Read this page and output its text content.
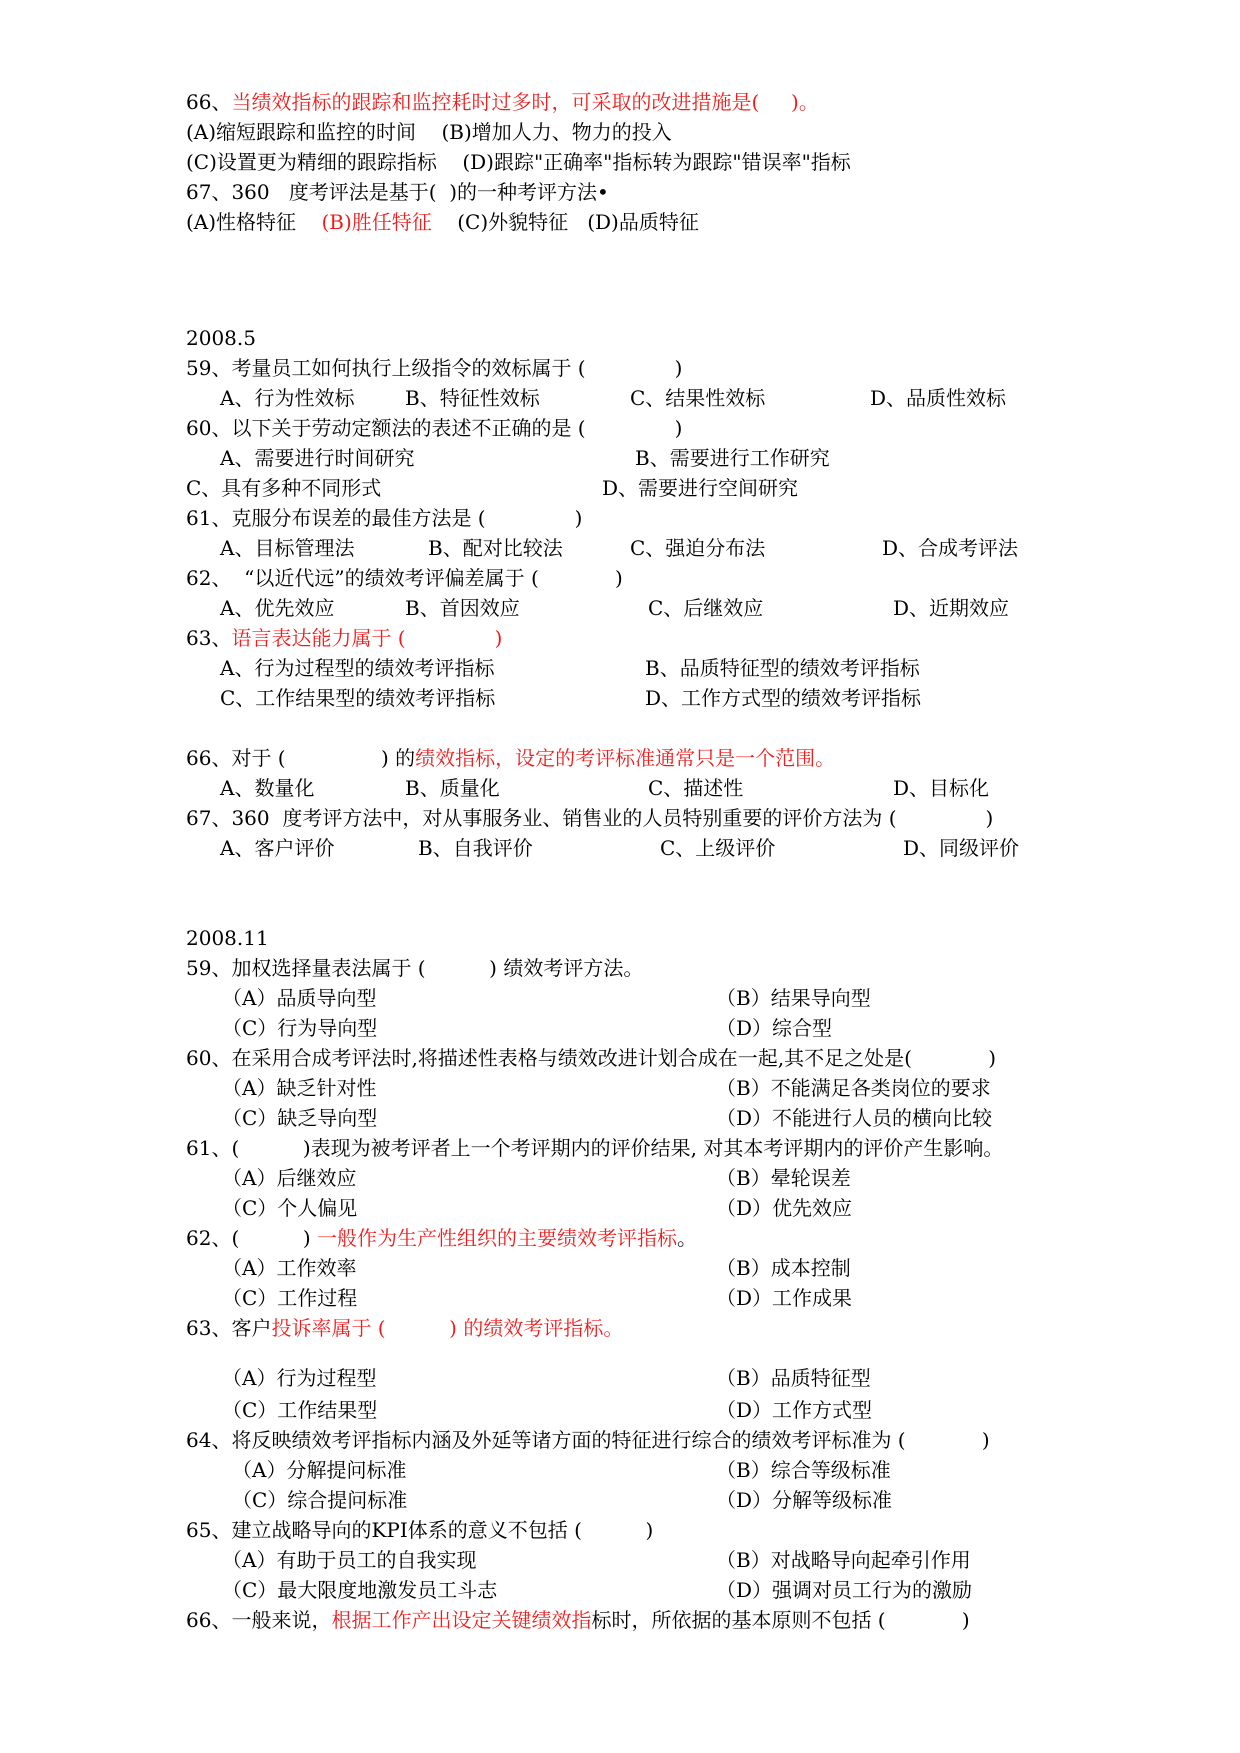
66、当绩效指标的跟踪和监控耗时过多时，可采取的改进措施是(     )。
(A)缩短跟踪和监控的时间    (B)增加人力、物力的投入
(C)设置更为精细的跟踪指标    (D)跟踪"正确率"指标转为跟踪"错误率"指标
67、360   度考评法是基于(  )的一种考评方法•
(A)性格特征    (B)胜任特征    (C)外貌特征   (D)品质特征
2008.5
59、考量员工如何执行上级指令的效标属于 (              )
A、行为性效标	B、特征性效标	C、结果性效标	D、品质性效标
60、以下关于劳动定额法的表述不正确的是 (              )
A、需要进行时间研究	B、需要进行工作研究
C、具有多种不同形式	D、需要进行空间研究
61、克服分布误差的最佳方法是 (              )
A、目标管理法	B、配对比较法	C、强迫分布法	D、合成考评法
62、  “以近代远”的绩效考评偏差属于 (            )
A、优先效应	B、首因效应	C、后继效应	D、近期效应
63、语言表达能力属于 (              )
A、行为过程型的绩效考评指标	B、品质特征型的绩效考评指标
C、工作结果型的绩效考评指标	D、工作方式型的绩效考评指标
66、对于 (               ) 的绩效指标，设定的考评标准通常只是一个范围。
A、数量化	B、质量化	C、描述性	D、目标化
67、360  度考评方法中，对从事服务业、销售业的人员特别重要的评价方法为 (              )
A、客户评价	B、自我评价	C、上级评价	D、同级评价
2008.11
59、加权选择量表法属于 (          ) 绩效考评方法。
（A）品质导向型	（B）结果导向型
（C）行为导向型	（D）综合型
60、在采用合成考评法时,将描述性表格与绩效改进计划合成在一起,其不足之处是(            )
（A）缺乏针对性	（B）不能满足各类岗位的要求
（C）缺乏导向型	（D）不能进行人员的横向比较
61、(          )表现为被考评者上一个考评期内的评价结果, 对其本考评期内的评价产生影响。
（A）后继效应	（B）晕轮误差
（C）个人偏见	（D）优先效应
62、(          ) 一般作为生产性组织的主要绩效考评指标。
（A）工作效率	（B）成本控制
（C）工作过程	（D）工作成果
63、客户投诉率属于 (          ) 的绩效考评指标。
（A）行为过程型	（B）品质特征型
（C）工作结果型	（D）工作方式型
64、将反映绩效考评指标内涵及外延等诸方面的特征进行综合的绩效考评标准为 (            )
（A）分解提问标准	（B）综合等级标准
（C）综合提问标准	（D）分解等级标准
65、建立战略导向的KPI体系的意义不包括 (          )
（A）有助于员工的自我实现	（B）对战略导向起牵引作用
（C）最大限度地激发员工斗志	（D）强调对员工行为的激励
66、一般来说，根据工作产出设定关键绩效指标时，所依据的基本原则不包括 (            )
